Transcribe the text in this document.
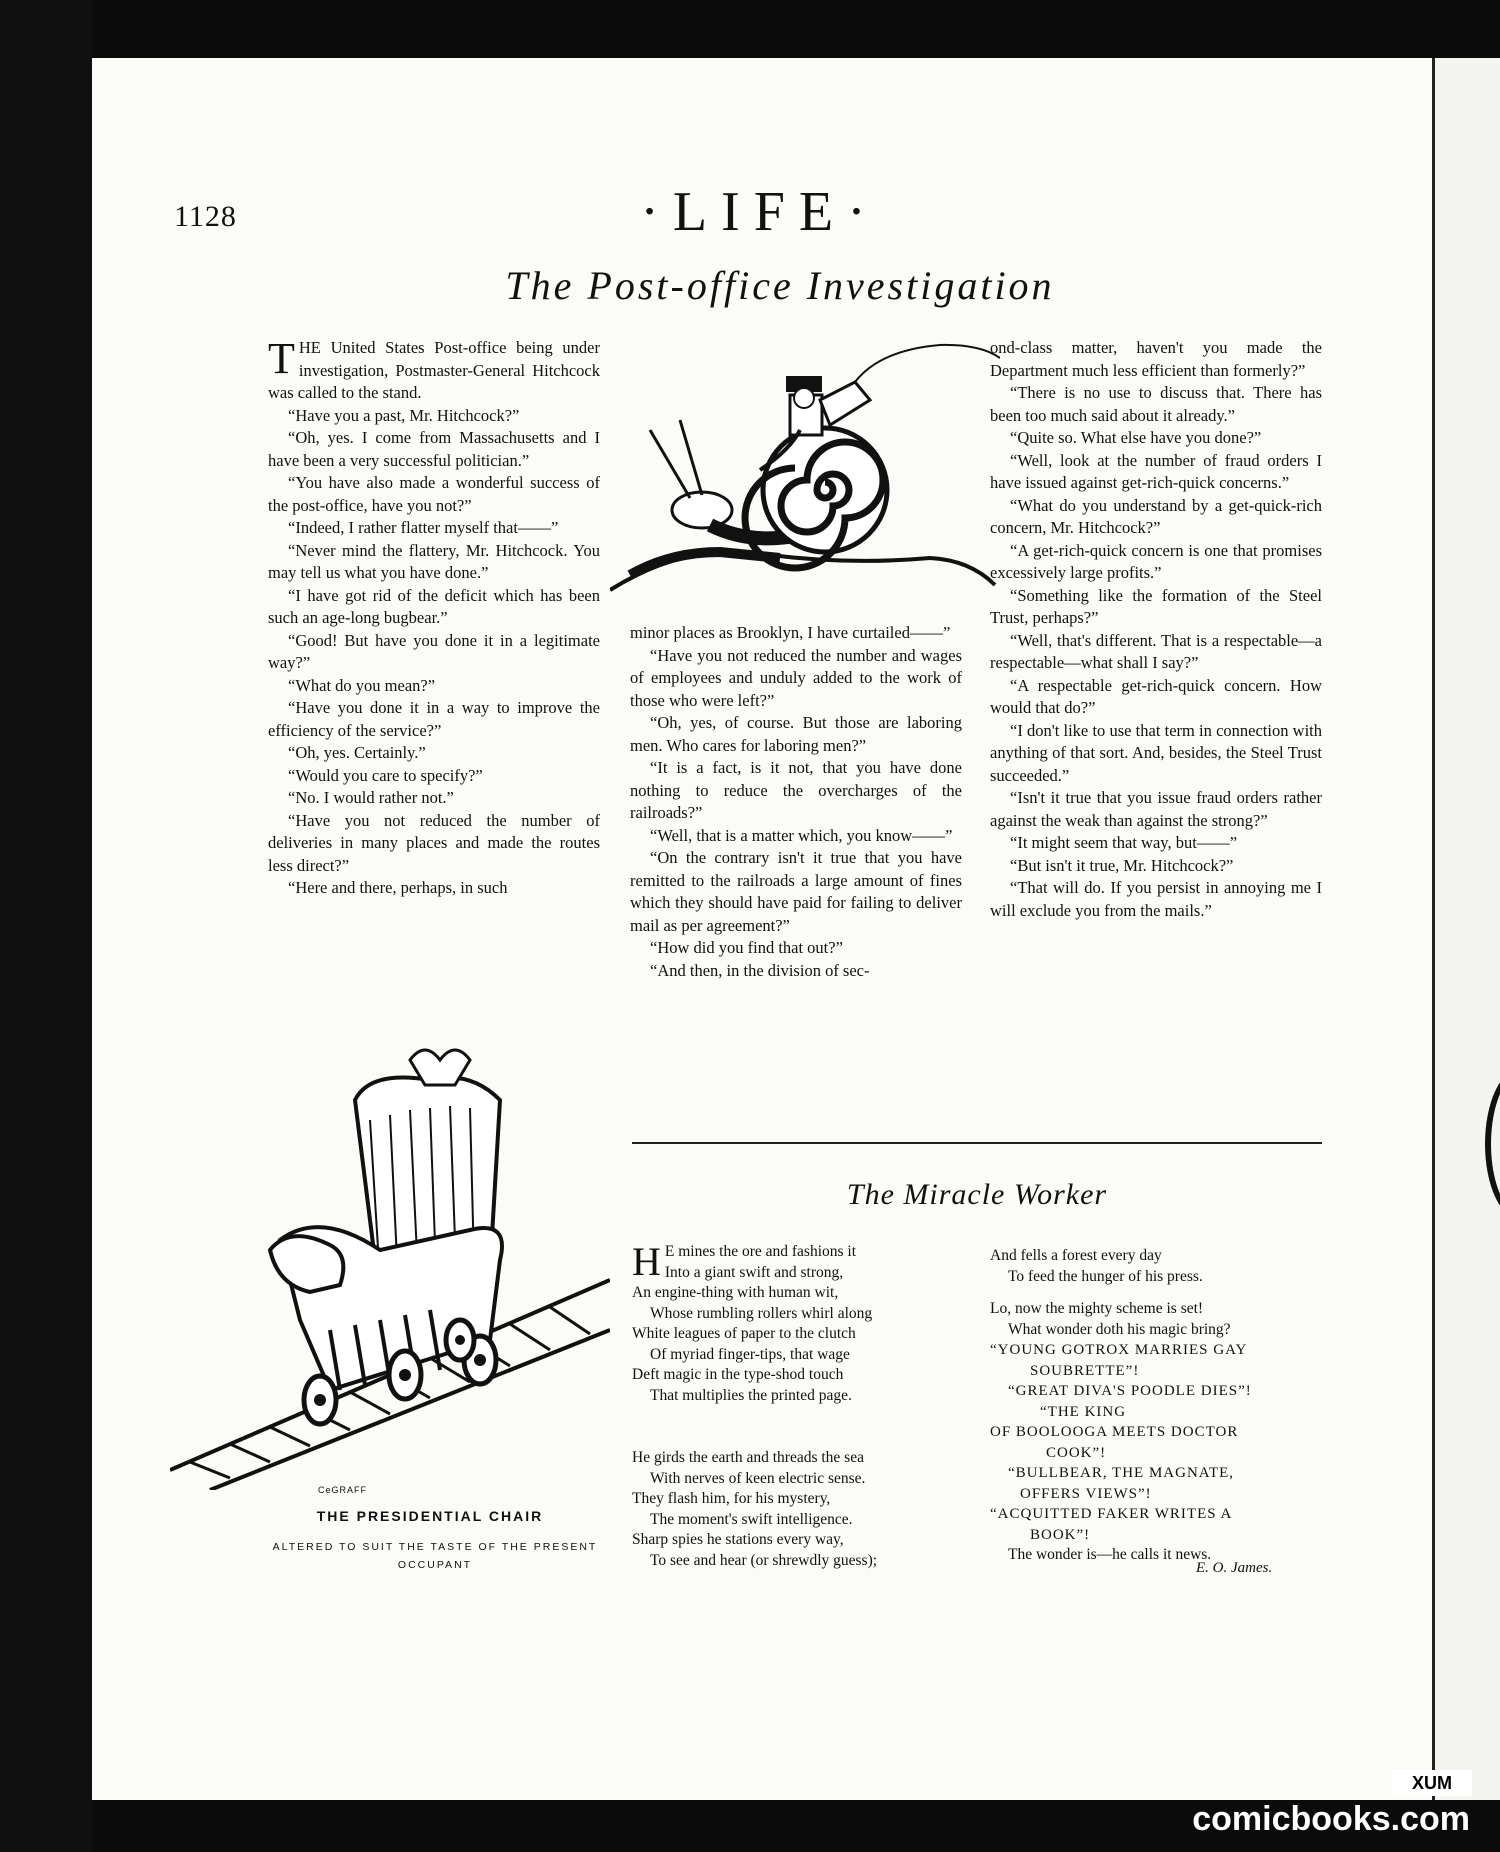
1128	·LIFE·
The Post-office Investigation

THE United States Post-office being under investigation, Postmaster-General Hitchcock was called to the stand.

“Have you a past, Mr. Hitchcock?”

“Oh, yes. I come from Massachusetts and I have been a very successful politician.”

“You have also made a wonderful success of the post-office, have you not?”

“Indeed, I rather flatter myself that——”

“Never mind the flattery, Mr. Hitchcock. You may tell us what you have done.”

“I have got rid of the deficit which has been such an age-long bugbear.”

“Good! But have you done it in a legitimate way?”

“What do you mean?”

“Have you done it in a way to improve the efficiency of the service?”

“Oh, yes. Certainly.”

“Would you care to specify?”

“No. I would rather not.”

“Have you not reduced the number of deliveries in many places and made the routes less direct?”

“Here and there, perhaps, in such

minor places as Brooklyn, I have curtailed——”

“Have you not reduced the number and wages of employees and unduly added to the work of those who were left?”

“Oh, yes, of course. But those are laboring men. Who cares for laboring men?”

“It is a fact, is it not, that you have done nothing to reduce the overcharges of the railroads?”

“Well, that is a matter which, you know——”

“On the contrary isn't it true that you have remitted to the railroads a large amount of fines which they should have paid for failing to deliver mail as per agreement?”

“How did you find that out?”

“And then, in the division of sec-

ond-class matter, haven't you made the Department much less efficient than formerly?”

“There is no use to discuss that. There has been too much said about it already.”

“Quite so. What else have you done?”

“Well, look at the number of fraud orders I have issued against get-rich-quick concerns.”

“What do you understand by a get-quick-rich concern, Mr. Hitchcock?”

“A get-rich-quick concern is one that promises excessively large profits.”

“Something like the formation of the Steel Trust, perhaps?”

“Well, that's different. That is a respectable—a respectable—what shall I say?”

“A respectable get-rich-quick concern. How would that do?”

“I don't like to use that term in connection with anything of that sort. And, besides, the Steel Trust succeeded.”

“Isn't it true that you issue fraud orders rather against the weak than against the strong?”

“It might seem that way, but——”

“But isn't it true, Mr. Hitchcock?”

“That will do. If you persist in annoying me I will exclude you from the mails.”

CeGRAFF
THE PRESIDENTIAL CHAIR
ALTERED TO SUIT THE TASTE OF THE PRESENT OCCUPANT
The Miracle Worker
H E mines the ore and fashions it
Into a giant swift and strong,
An engine-thing with human wit,
Whose rumbling rollers whirl along
White leagues of paper to the clutch
Of myriad finger-tips, that wage
Deft magic in the type-shod touch
That multiplies the printed page.
He girds the earth and threads the sea
With nerves of keen electric sense.
They flash him, for his mystery,
The moment's swift intelligence.
Sharp spies he stations every way,
To see and hear (or shrewdly guess);
And fells a forest every day
To feed the hunger of his press.
Lo, now the mighty scheme is set!
What wonder doth his magic bring?
“YOUNG GOTROX MARRIES GAY
SOUBRETTE”!
“GREAT DIVA'S POODLE DIES”!
“THE KING
OF BOOLOOGA MEETS DOCTOR
COOK”!
“BULLBEAR, THE MAGNATE,
OFFERS VIEWS”!
“ACQUITTED FAKER WRITES A
BOOK”!
The wonder is—he calls it news.
E. O. James.
XUM
comicbooks.com
